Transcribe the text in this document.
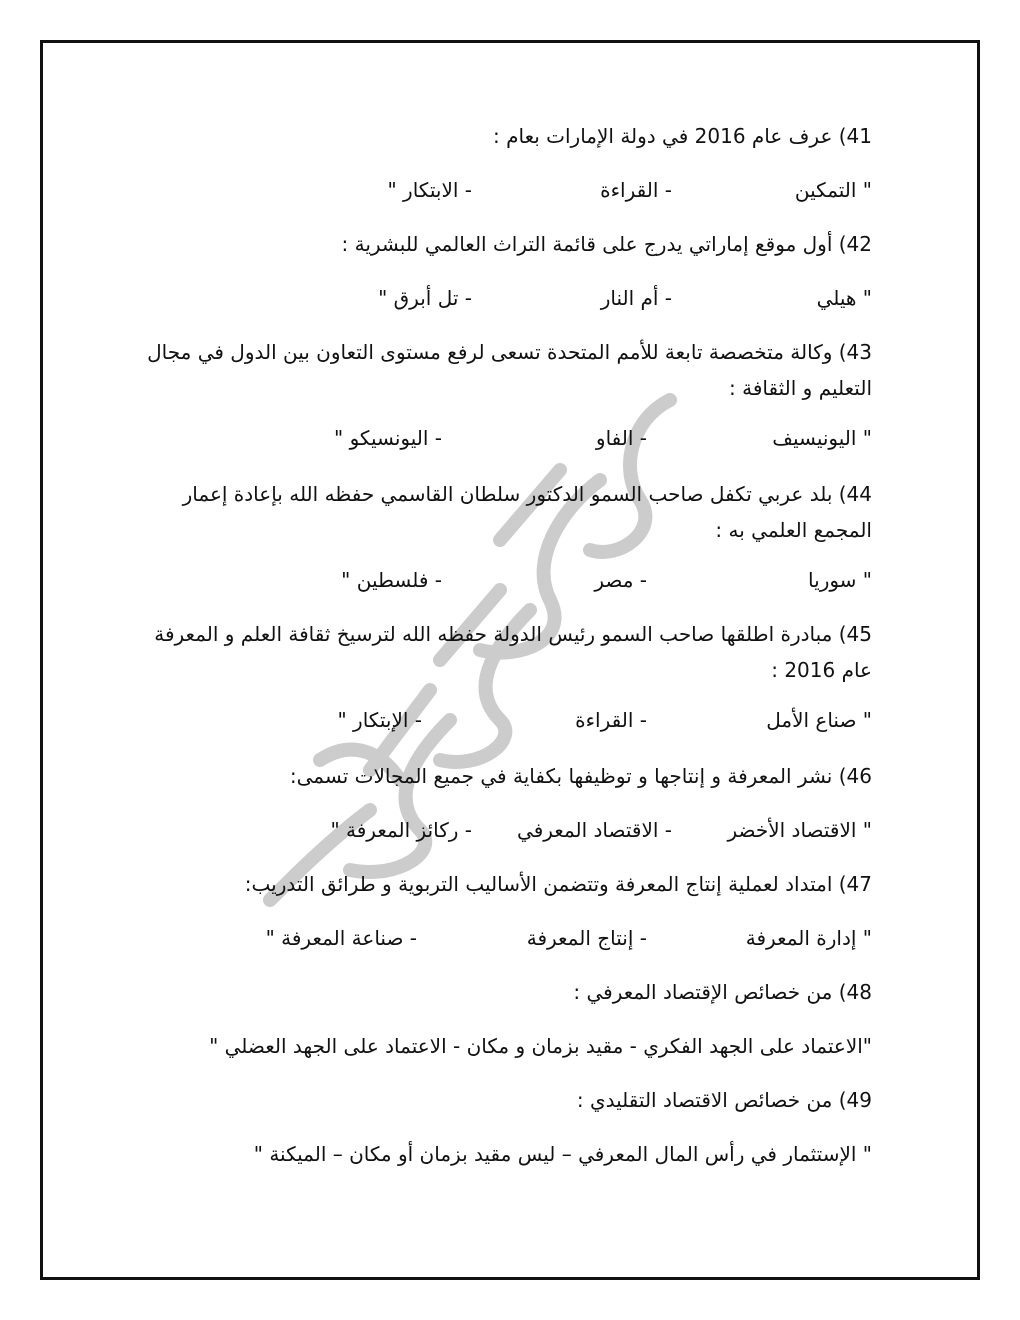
41) عرف عام 2016 في دولة الإمارات بعام :
" التمكين
- القراءة
- الابتكار "
42) أول موقع إماراتي يدرج على قائمة التراث العالمي للبشرية :
" هيلي
- أم النار
- تل أبرق "
43) وكالة متخصصة تابعة للأمم المتحدة تسعى لرفع مستوى التعاون بين الدول في مجال التعليم و الثقافة :
" اليونيسيف
- الفاو
- اليونسيكو "
44) بلد عربي تكفل صاحب السمو الدكتور سلطان القاسمي حفظه الله بإعادة إعمار المجمع العلمي به :
" سوريا
- مصر
- فلسطين "
45) مبادرة اطلقها صاحب السمو رئيس الدولة حفظه الله لترسيخ ثقافة العلم و المعرفة عام 2016 :
" صناع الأمل
- القراءة
- الإبتكار "
46) نشر المعرفة و إنتاجها و توظيفها بكفاية في جميع المجالات تسمى:
" الاقتصاد الأخضر
- الاقتصاد المعرفي
- ركائز المعرفة "
47) امتداد لعملية إنتاج المعرفة وتتضمن الأساليب التربوية و طرائق التدريب:
" إدارة المعرفة
- إنتاج المعرفة
- صناعة المعرفة "
48) من خصائص الإقتصاد المعرفي :
"الاعتماد على الجهد الفكري - مقيد بزمان و مكان - الاعتماد على الجهد العضلي "
49) من خصائص الاقتصاد التقليدي :
" الإستثمار في رأس المال المعرفي – ليس مقيد بزمان أو مكان – الميكنة "
